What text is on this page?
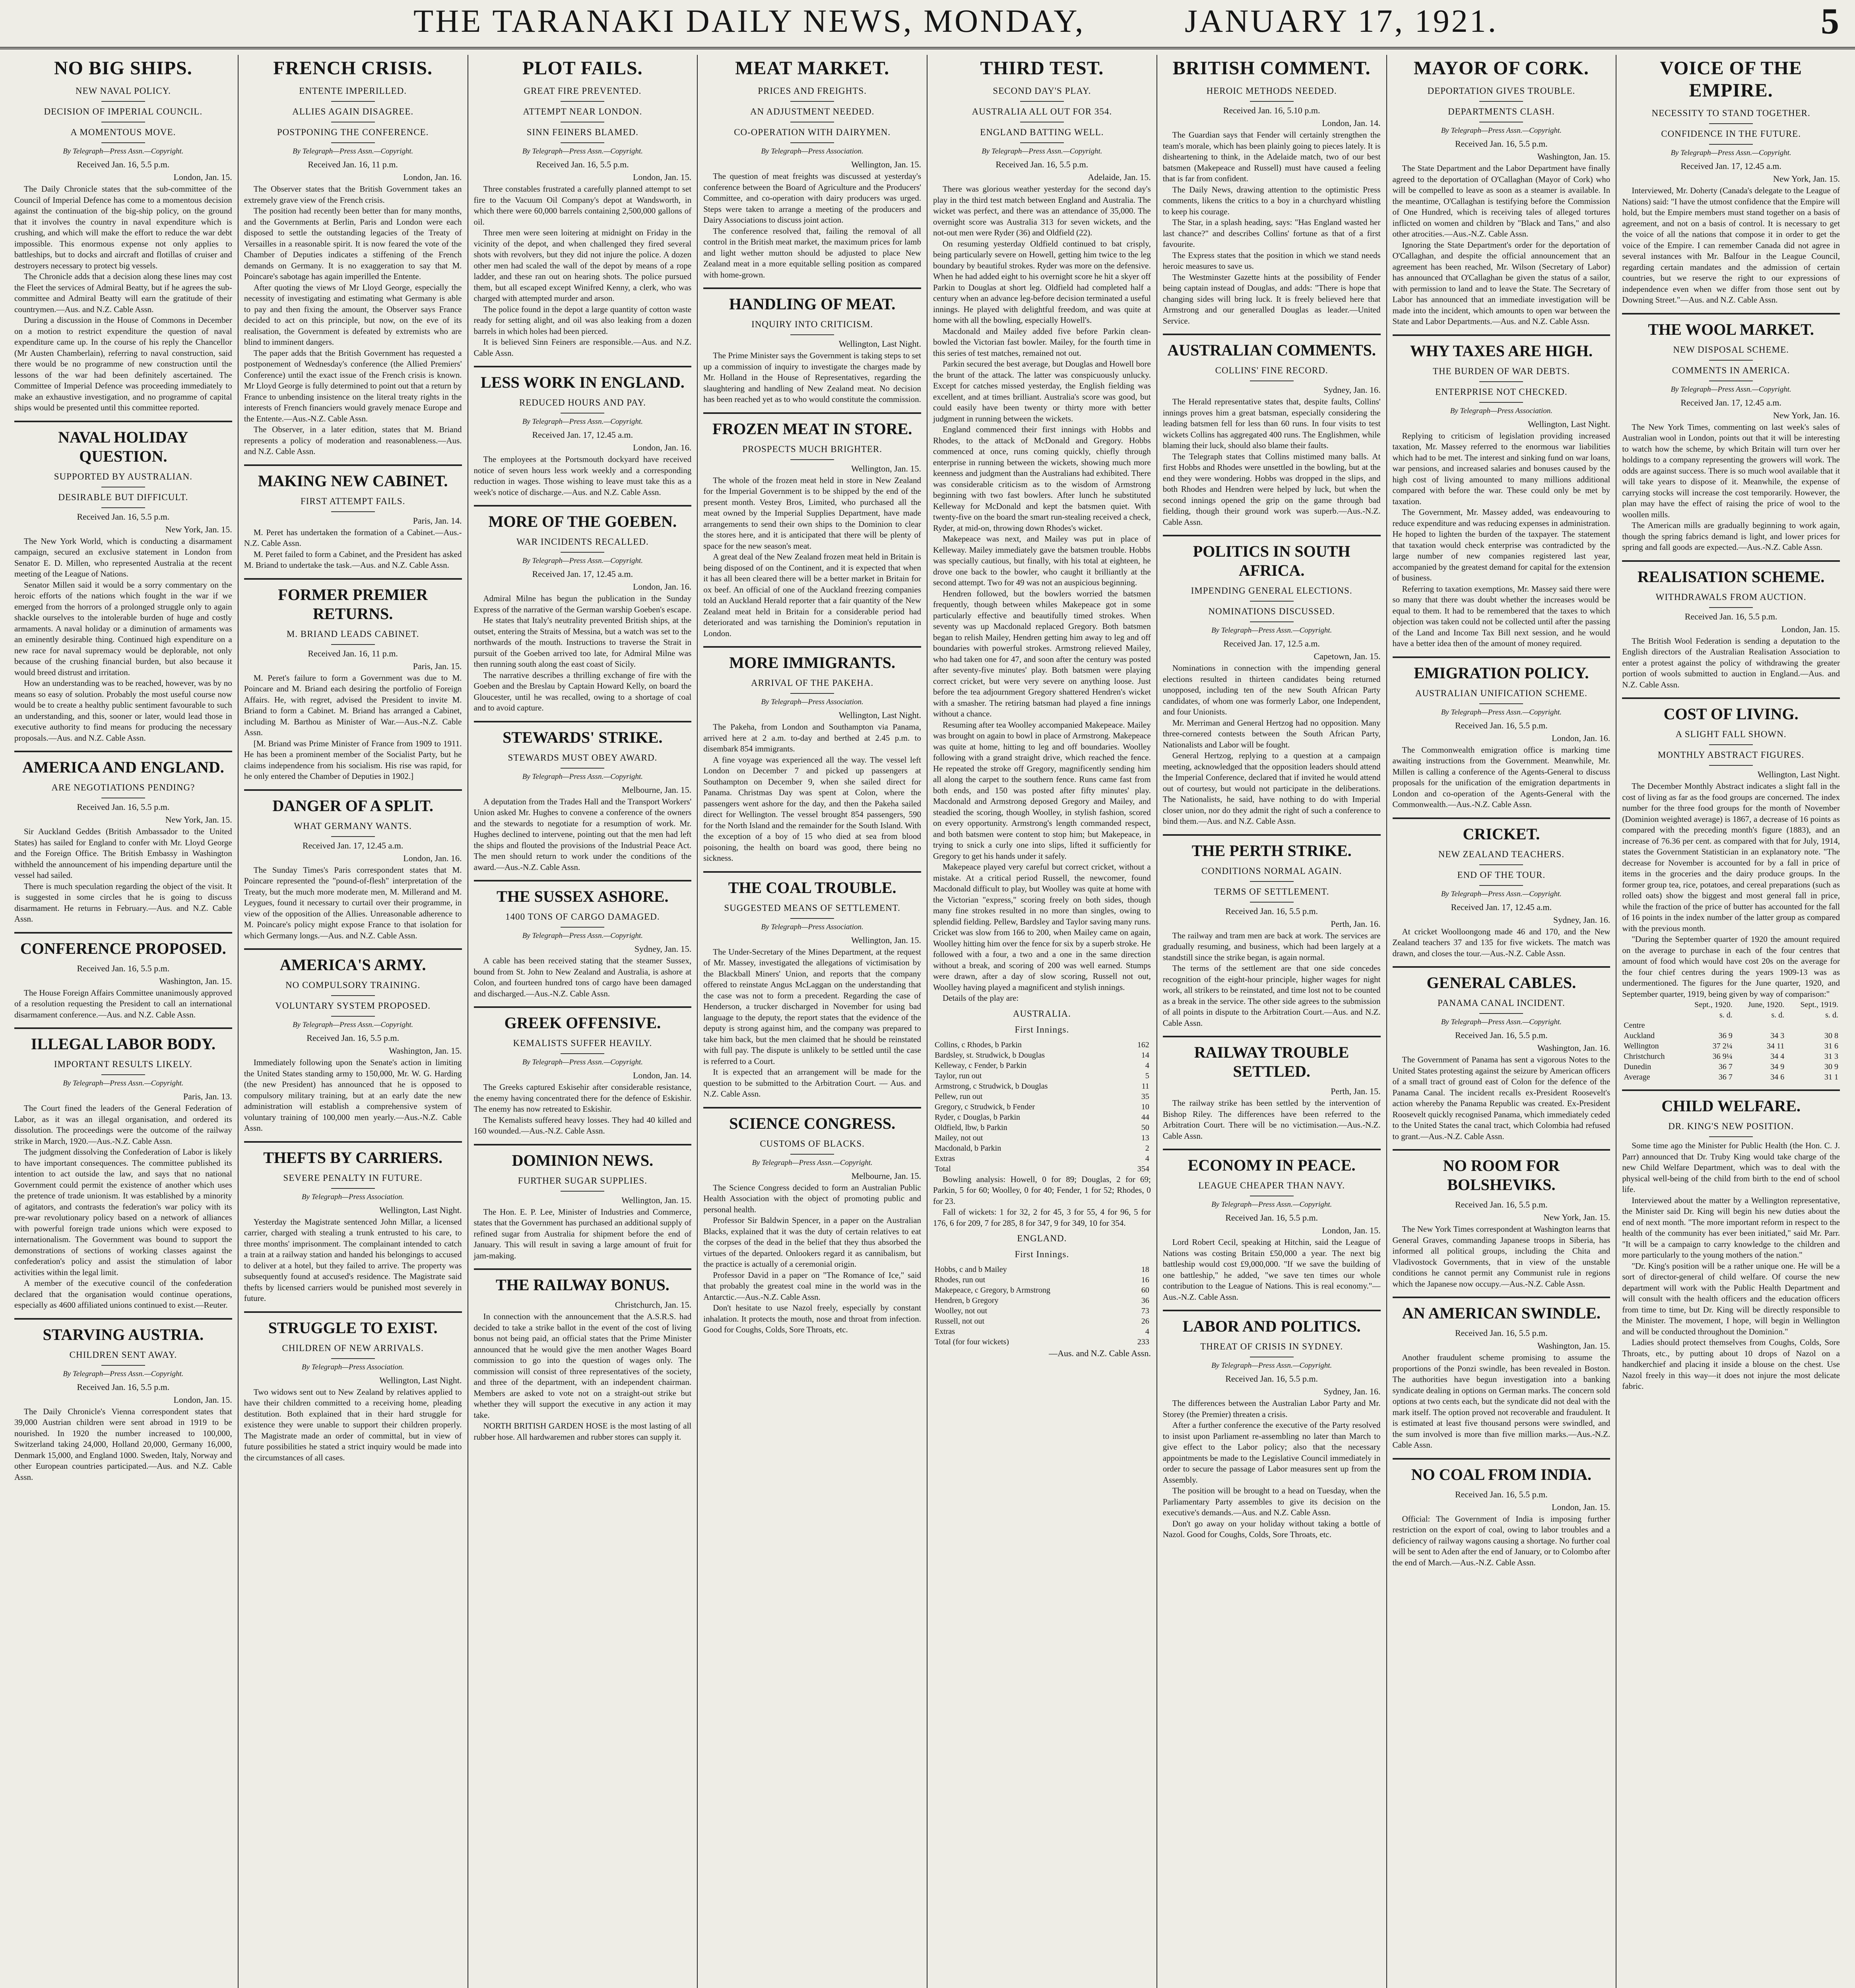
THE TARANAKI DAILY NEWS, MONDAY,	JANUARY 17, 1921.	5
NO BIG SHIPS.
NEW NAVAL POLICY.
DECISION OF IMPERIAL COUNCIL.
A MOMENTOUS MOVE.
By Telegraph—Press Assn.—Copyright.
Received Jan. 16, 5.5 p.m.
London, Jan. 15.

The Daily Chronicle states that the sub-committee of the Council of Imperial Defence has come to a momentous decision against the continuation of the big-ship policy, on the ground that it involves the country in naval expenditure which is crushing, and which will make the effort to reduce the war debt impossible. This enormous expense not only applies to battleships, but to docks and aircraft and flotillas of cruiser and destroyers necessary to protect big vessels.

The Chronicle adds that a decision along these lines may cost the Fleet the services of Admiral Beatty, but if he agrees the sub-committee and Admiral Beatty will earn the gratitude of their countrymen.—Aus. and N.Z. Cable Assn.

During a discussion in the House of Commons in December on a motion to restrict expenditure the question of naval expenditure came up. In the course of his reply the Chancellor (Mr Austen Chamberlain), referring to naval construction, said there would be no programme of new construction until the lessons of the war had been definitely ascertained. The Committee of Imperial Defence was proceeding immediately to make an exhaustive investigation, and no programme of capital ships would be presented until this committee reported.

NAVAL HOLIDAY QUESTION.
SUPPORTED BY AUSTRALIAN.
DESIRABLE BUT DIFFICULT.
Received Jan. 16, 5.5 p.m.
New York, Jan. 15.

The New York World, which is conducting a disarmament campaign, secured an exclusive statement in London from Senator E. D. Millen, who represented Australia at the recent meeting of the League of Nations.

Senator Millen said it would be a sorry commentary on the heroic efforts of the nations which fought in the war if we emerged from the horrors of a prolonged struggle only to again shackle ourselves to the intolerable burden of huge and costly armaments. A naval holiday or a diminution of armaments was an eminently desirable thing. Continued high expenditure on a new race for naval supremacy would be deplorable, not only because of the crushing financial burden, but also because it would breed distrust and irritation.

How an understanding was to be reached, however, was by no means so easy of solution. Probably the most useful course now would be to create a healthy public sentiment favourable to such an understanding, and this, sooner or later, would lead those in executive authority to find means for producing the necessary proposals.—Aus. and N.Z. Cable Assn.

AMERICA AND ENGLAND.
ARE NEGOTIATIONS PENDING?
Received Jan. 16, 5.5 p.m.
New York, Jan. 15.

Sir Auckland Geddes (British Ambassador to the United States) has sailed for England to confer with Mr. Lloyd George and the Foreign Office. The British Embassy in Washington withheld the announcement of his impending departure until the vessel had sailed.

There is much speculation regarding the object of the visit. It is suggested in some circles that he is going to discuss disarmament. He returns in February.—Aus. and N.Z. Cable Assn.

CONFERENCE PROPOSED.
Received Jan. 16, 5.5 p.m.
Washington, Jan. 15.

The House Foreign Affairs Committee unanimously approved of a resolution requesting the President to call an international disarmament conference.—Aus. and N.Z. Cable Assn.

ILLEGAL LABOR BODY.
IMPORTANT RESULTS LIKELY.
By Telegraph—Press Assn.—Copyright.
Paris, Jan. 13.

The Court fined the leaders of the General Federation of Labor, as it was an illegal organisation, and ordered its dissolution. The proceedings were the outcome of the railway strike in March, 1920.—Aus.-N.Z. Cable Assn.

The judgment dissolving the Confederation of Labor is likely to have important consequences. The committee published its intention to act outside the law, and says that no national Government could permit the existence of another which uses the pretence of trade unionism. It was established by a minority of agitators, and contrasts the federation's war policy with its pre-war revolutionary policy based on a network of alliances with powerful foreign trade unions which were exposed to internationalism. The Government was bound to support the demonstrations of sections of working classes against the confederation's policy and assist the stimulation of labor activities within the legal limit.

A member of the executive council of the confederation declared that the organisation would continue operations, especially as 4600 affiliated unions continued to exist.—Reuter.

STARVING AUSTRIA.
CHILDREN SENT AWAY.
By Telegraph—Press Assn.—Copyright.
Received Jan. 16, 5.5 p.m.
London, Jan. 15.

The Daily Chronicle's Vienna correspondent states that 39,000 Austrian children were sent abroad in 1919 to be nourished. In 1920 the number increased to 100,000, Switzerland taking 24,000, Holland 20,000, Germany 16,000, Denmark 15,000, and England 1000. Sweden, Italy, Norway and other European countries participated.—Aus. and N.Z. Cable Assn.

FRENCH CRISIS.
ENTENTE IMPERILLED.
ALLIES AGAIN DISAGREE.
POSTPONING THE CONFERENCE.
By Telegraph—Press Assn.—Copyright.
Received Jan. 16, 11 p.m.
London, Jan. 16.

The Observer states that the British Government takes an extremely grave view of the French crisis.

The position had recently been better than for many months, and the Governments at Berlin, Paris and London were each disposed to settle the outstanding legacies of the Treaty of Versailles in a reasonable spirit. It is now feared the vote of the Chamber of Deputies indicates a stiffening of the French demands on Germany. It is no exaggeration to say that M. Poincare's sabotage has again imperilled the Entente.

After quoting the views of Mr Lloyd George, especially the necessity of investigating and estimating what Germany is able to pay and then fixing the amount, the Observer says France decided to act on this principle, but now, on the eve of its realisation, the Government is defeated by extremists who are blind to imminent dangers.

The paper adds that the British Government has requested a postponement of Wednesday's conference (the Allied Premiers' Conference) until the exact issue of the French crisis is known. Mr Lloyd George is fully determined to point out that a return by France to unbending insistence on the literal treaty rights in the interests of French financiers would gravely menace Europe and the Entente.—Aus.-N.Z. Cable Assn.

The Observer, in a later edition, states that M. Briand represents a policy of moderation and reasonableness.—Aus. and N.Z. Cable Assn.

MAKING NEW CABINET.
FIRST ATTEMPT FAILS.
Paris, Jan. 14.

M. Peret has undertaken the formation of a Cabinet.—Aus.-N.Z. Cable Assn.

M. Peret failed to form a Cabinet, and the President has asked M. Briand to undertake the task.—Aus. and N.Z. Cable Assn.

FORMER PREMIER RETURNS.
M. BRIAND LEADS CABINET.
Received Jan. 16, 11 p.m.
Paris, Jan. 15.

M. Peret's failure to form a Government was due to M. Poincare and M. Briand each desiring the portfolio of Foreign Affairs. He, with regret, advised the President to invite M. Briand to form a Cabinet. M. Briand has arranged a Cabinet, including M. Barthou as Minister of War.—Aus.-N.Z. Cable Assn.

[M. Briand was Prime Minister of France from 1909 to 1911. He has been a prominent member of the Socialist Party, but he claims independence from his socialism. His rise was rapid, for he only entered the Chamber of Deputies in 1902.]

DANGER OF A SPLIT.
WHAT GERMANY WANTS.
Received Jan. 17, 12.45 a.m.
London, Jan. 16.

The Sunday Times's Paris correspondent states that M. Poincare represented the "pound-of-flesh" interpretation of the Treaty, but the much more moderate men, M. Millerand and M. Leygues, found it necessary to curtail over their programme, in view of the opposition of the Allies. Unreasonable adherence to M. Poincare's policy might expose France to that isolation for which Germany longs.—Aus. and N.Z. Cable Assn.

AMERICA'S ARMY.
NO COMPULSORY TRAINING.
VOLUNTARY SYSTEM PROPOSED.
By Telegraph—Press Assn.—Copyright.
Received Jan. 16, 5.5 p.m.
Washington, Jan. 15.

Immediately following upon the Senate's action in limiting the United States standing army to 150,000, Mr. W. G. Harding (the new President) has announced that he is opposed to compulsory military training, but at an early date the new administration will establish a comprehensive system of voluntary training of 100,000 men yearly.—Aus.-N.Z. Cable Assn.

THEFTS BY CARRIERS.
SEVERE PENALTY IN FUTURE.
By Telegraph—Press Association.
Wellington, Last Night.

Yesterday the Magistrate sentenced John Millar, a licensed carrier, charged with stealing a trunk entrusted to his care, to three months' imprisonment. The complainant intended to catch a train at a railway station and handed his belongings to accused to deliver at a hotel, but they failed to arrive. The property was subsequently found at accused's residence. The Magistrate said thefts by licensed carriers would be punished most severely in future.

STRUGGLE TO EXIST.
CHILDREN OF NEW ARRIVALS.
By Telegraph—Press Association.
Wellington, Last Night.

Two widows sent out to New Zealand by relatives applied to have their children committed to a receiving home, pleading destitution. Both explained that in their hard struggle for existence they were unable to support their children properly. The Magistrate made an order of committal, but in view of future possibilities he stated a strict inquiry would be made into the circumstances of all cases.

PLOT FAILS.
GREAT FIRE PREVENTED.
ATTEMPT NEAR LONDON.
SINN FEINERS BLAMED.
By Telegraph—Press Assn.—Copyright.
Received Jan. 16, 5.5 p.m.
London, Jan. 15.

Three constables frustrated a carefully planned attempt to set fire to the Vacuum Oil Company's depot at Wandsworth, in which there were 60,000 barrels containing 2,500,000 gallons of oil.

Three men were seen loitering at midnight on Friday in the vicinity of the depot, and when challenged they fired several shots with revolvers, but they did not injure the police. A dozen other men had scaled the wall of the depot by means of a rope ladder, and these ran out on hearing shots. The police pursued them, but all escaped except Winifred Kenny, a clerk, who was charged with attempted murder and arson.

The police found in the depot a large quantity of cotton waste ready for setting alight, and oil was also leaking from a dozen barrels in which holes had been pierced.

It is believed Sinn Feiners are responsible.—Aus. and N.Z. Cable Assn.

LESS WORK IN ENGLAND.
REDUCED HOURS AND PAY.
By Telegraph—Press Assn.—Copyright.
Received Jan. 17, 12.45 a.m.
London, Jan. 16.

The employees at the Portsmouth dockyard have received notice of seven hours less work weekly and a corresponding reduction in wages. Those wishing to leave must take this as a week's notice of discharge.—Aus. and N.Z. Cable Assn.

MORE OF THE GOEBEN.
WAR INCIDENTS RECALLED.
By Telegraph—Press Assn.—Copyright.
Received Jan. 17, 12.45 a.m.
London, Jan. 16.

Admiral Milne has begun the publication in the Sunday Express of the narrative of the German warship Goeben's escape.

He states that Italy's neutrality prevented British ships, at the outset, entering the Straits of Messina, but a watch was set to the northwards of the mouth. Instructions to traverse the Strait in pursuit of the Goeben arrived too late, for Admiral Milne was then running south along the east coast of Sicily.

The narrative describes a thrilling exchange of fire with the Goeben and the Breslau by Captain Howard Kelly, on board the Gloucester, until he was recalled, owing to a shortage of coal and to avoid capture.

STEWARDS' STRIKE.
STEWARDS MUST OBEY AWARD.
By Telegraph—Press Assn.—Copyright.
Melbourne, Jan. 15.

A deputation from the Trades Hall and the Transport Workers' Union asked Mr. Hughes to convene a conference of the owners and the stewards to negotiate for a resumption of work. Mr. Hughes declined to intervene, pointing out that the men had left the ships and flouted the provisions of the Industrial Peace Act. The men should return to work under the conditions of the award.—Aus.-N.Z. Cable Assn.

THE SUSSEX ASHORE.
1400 TONS OF CARGO DAMAGED.
By Telegraph—Press Assn.—Copyright.
Sydney, Jan. 15.

A cable has been received stating that the steamer Sussex, bound from St. John to New Zealand and Australia, is ashore at Colon, and fourteen hundred tons of cargo have been damaged and discharged.—Aus.-N.Z. Cable Assn.

GREEK OFFENSIVE.
KEMALISTS SUFFER HEAVILY.
By Telegraph—Press Assn.—Copyright.
London, Jan. 14.

The Greeks captured Eskisehir after considerable resistance, the enemy having concentrated there for the defence of Eskishir. The enemy has now retreated to Eskishir.

The Kemalists suffered heavy losses. They had 40 killed and 160 wounded.—Aus.-N.Z. Cable Assn.

DOMINION NEWS.
FURTHER SUGAR SUPPLIES.
Wellington, Jan. 15.

The Hon. E. P. Lee, Minister of Industries and Commerce, states that the Government has purchased an additional supply of refined sugar from Australia for shipment before the end of January. This will result in saving a large amount of fruit for jam-making.

THE RAILWAY BONUS.
Christchurch, Jan. 15.

In connection with the announcement that the A.S.R.S. had decided to take a strike ballot in the event of the cost of living bonus not being paid, an official states that the Prime Minister announced that he would give the men another Wages Board commission to go into the question of wages only. The commission will consist of three representatives of the society, and three of the department, with an independent chairman. Members are asked to vote not on a straight-out strike but whether they will support the executive in any action it may take.

NORTH BRITISH GARDEN HOSE is the most lasting of all rubber hose. All hardwaremen and rubber stores can supply it.

MEAT MARKET.
PRICES AND FREIGHTS.
AN ADJUSTMENT NEEDED.
CO-OPERATION WITH DAIRYMEN.
By Telegraph—Press Association.
Wellington, Jan. 15.

The question of meat freights was discussed at yesterday's conference between the Board of Agriculture and the Producers' Committee, and co-operation with dairy producers was urged. Steps were taken to arrange a meeting of the producers and Dairy Associations to discuss joint action.

The conference resolved that, failing the removal of all control in the British meat market, the maximum prices for lamb and light wether mutton should be adjusted to place New Zealand meat in a more equitable selling position as compared with home-grown.

HANDLING OF MEAT.
INQUIRY INTO CRITICISM.
Wellington, Last Night.

The Prime Minister says the Government is taking steps to set up a commission of inquiry to investigate the charges made by Mr. Holland in the House of Representatives, regarding the slaughtering and handling of New Zealand meat. No decision has been reached yet as to who would constitute the commission.

FROZEN MEAT IN STORE.
PROSPECTS MUCH BRIGHTER.
Wellington, Jan. 15.

The whole of the frozen meat held in store in New Zealand for the Imperial Government is to be shipped by the end of the present month. Vestey Bros, Limited, who purchased all the meat owned by the Imperial Supplies Department, have made arrangements to send their own ships to the Dominion to clear the stores here, and it is anticipated that there will be plenty of space for the new season's meat.

A great deal of the New Zealand frozen meat held in Britain is being disposed of on the Continent, and it is expected that when it has all been cleared there will be a better market in Britain for ox beef. An official of one of the Auckland freezing companies told an Auckland Herald reporter that a fair quantity of the New Zealand meat held in Britain for a considerable period had deteriorated and was tarnishing the Dominion's reputation in London.

MORE IMMIGRANTS.
ARRIVAL OF THE PAKEHA.
By Telegraph—Press Association.
Wellington, Last Night.

The Pakeha, from London and Southampton via Panama, arrived here at 2 a.m. to-day and berthed at 2.45 p.m. to disembark 854 immigrants.

A fine voyage was experienced all the way. The vessel left London on December 7 and picked up passengers at Southampton on December 9, when she sailed direct for Panama. Christmas Day was spent at Colon, where the passengers went ashore for the day, and then the Pakeha sailed direct for Wellington. The vessel brought 854 passengers, 590 for the North Island and the remainder for the South Island. With the exception of a boy of 15 who died at sea from blood poisoning, the health on board was good, there being no sickness.

THE COAL TROUBLE.
SUGGESTED MEANS OF SETTLEMENT.
By Telegraph—Press Association.
Wellington, Jan. 15.

The Under-Secretary of the Mines Department, at the request of Mr. Massey, investigated the allegations of victimisation by the Blackball Miners' Union, and reports that the company offered to reinstate Angus McLaggan on the understanding that the case was not to form a precedent. Regarding the case of Henderson, a trucker discharged in November for using bad language to the deputy, the report states that the evidence of the deputy is strong against him, and the company was prepared to take him back, but the men claimed that he should be reinstated with full pay. The dispute is unlikely to be settled until the case is referred to a Court.

It is expected that an arrangement will be made for the question to be submitted to the Arbitration Court. — Aus. and N.Z. Cable Assn.

SCIENCE CONGRESS.
CUSTOMS OF BLACKS.
By Telegraph—Press Assn.—Copyright.
Melbourne, Jan. 15.

The Science Congress decided to form an Australian Public Health Association with the object of promoting public and personal health.

Professor Sir Baldwin Spencer, in a paper on the Australian Blacks, explained that it was the duty of certain relatives to eat the corpses of the dead in the belief that they thus absorbed the virtues of the departed. Onlookers regard it as cannibalism, but the practice is actually of a ceremonial origin.

Professor David in a paper on "The Romance of Ice," said that probably the greatest coal mine in the world was in the Antarctic.—Aus.-N.Z. Cable Assn.

Don't hesitate to use Nazol freely, especially by constant inhalation. It protects the mouth, nose and throat from infection. Good for Coughs, Colds, Sore Throats, etc.

THIRD TEST.
SECOND DAY'S PLAY.
AUSTRALIA ALL OUT FOR 354.
ENGLAND BATTING WELL.
By Telegraph—Press Assn.—Copyright.
Received Jan. 16, 5.5 p.m.
Adelaide, Jan. 15.

There was glorious weather yesterday for the second day's play in the third test match between England and Australia. The wicket was perfect, and there was an attendance of 35,000. The overnight score was Australia 313 for seven wickets, and the not-out men were Ryder (36) and Oldfield (22).

On resuming yesterday Oldfield continued to bat crisply, being particularly severe on Howell, getting him twice to the leg boundary by beautiful strokes. Ryder was more on the defensive. When he had added eight to his overnight score he hit a skyer off Parkin to Douglas at short leg. Oldfield had completed half a century when an advance leg-before decision terminated a useful innings. He played with delightful freedom, and was quite at home with all the bowling, especially Howell's.

Macdonald and Mailey added five before Parkin clean-bowled the Victorian fast bowler. Mailey, for the fourth time in this series of test matches, remained not out.

Parkin secured the best average, but Douglas and Howell bore the brunt of the attack. The latter was conspicuously unlucky. Except for catches missed yesterday, the English fielding was excellent, and at times brilliant. Australia's score was good, but could easily have been twenty or thirty more with better judgment in running between the wickets.

England commenced their first innings with Hobbs and Rhodes, to the attack of McDonald and Gregory. Hobbs commenced at once, runs coming quickly, chiefly through enterprise in running between the wickets, showing much more keenness and judgment than the Australians had exhibited. There was considerable criticism as to the wisdom of Armstrong beginning with two fast bowlers. After lunch he substituted Kelleway for McDonald and kept the batsmen quiet. With twenty-five on the board the smart run-stealing received a check, Ryder, at mid-on, throwing down Rhodes's wicket.

Makepeace was next, and Mailey was put in place of Kelleway. Mailey immediately gave the batsmen trouble. Hobbs was specially cautious, but finally, with his total at eighteen, he drove one back to the bowler, who caught it brilliantly at the second attempt. Two for 49 was not an auspicious beginning.

Hendren followed, but the bowlers worried the batsmen frequently, though between whiles Makepeace got in some particularly effective and beautifully timed strokes. When seventy was up Macdonald replaced Gregory. Both batsmen began to relish Mailey, Hendren getting him away to leg and off boundaries with powerful strokes. Armstrong relieved Mailey, who had taken one for 47, and soon after the century was posted after seventy-five minutes' play. Both batsmen were playing correct cricket, but were very severe on anything loose. Just before the tea adjournment Gregory shattered Hendren's wicket with a smasher. The retiring batsman had played a fine innings without a chance.

Resuming after tea Woolley accompanied Makepeace. Mailey was brought on again to bowl in place of Armstrong. Makepeace was quite at home, hitting to leg and off boundaries. Woolley following with a grand straight drive, which reached the fence. He repeated the stroke off Gregory, magnificently sending him all along the carpet to the southern fence. Runs came fast from both ends, and 150 was posted after fifty minutes' play. Macdonald and Armstrong deposed Gregory and Mailey, and steadied the scoring, though Woolley, in stylish fashion, scored on every opportunity. Armstrong's length commanded respect, and both batsmen were content to stop him; but Makepeace, in trying to snick a curly one into slips, lifted it sufficiently for Gregory to get his hands under it safely.

Makepeace played very careful but correct cricket, without a mistake. At a critical period Russell, the newcomer, found Macdonald difficult to play, but Woolley was quite at home with the Victorian "express," scoring freely on both sides, though many fine strokes resulted in no more than singles, owing to splendid fielding. Pellew, Bardsley and Taylor saving many runs. Cricket was slow from 166 to 200, when Mailey came on again, Woolley hitting him over the fence for six by a superb stroke. He followed with a four, a two and a one in the same direction without a break, and scoring of 200 was well earned. Stumps were drawn, after a day of slow scoring, Russell not out, Woolley having played a magnificent and stylish innings.

Details of the play are:

AUSTRALIA.
First Innings.
Collins, c Rhodes, b Parkin	162
Bardsley, st. Strudwick, b Douglas	14
Kelleway, c Fender, b Parkin	4
Taylor, run out	5
Armstrong, c Strudwick, b Douglas	11
Pellew, run out	35
Gregory, c Strudwick, b Fender	10
Ryder, c Douglas, b Parkin	44
Oldfield, lbw, b Parkin	50
Mailey, not out	13
Macdonald, b Parkin	2
Extras	4
Total	354

Bowling analysis: Howell, 0 for 89; Douglas, 2 for 69; Parkin, 5 for 60; Woolley, 0 for 40; Fender, 1 for 52; Rhodes, 0 for 23.

Fall of wickets: 1 for 32, 2 for 45, 3 for 55, 4 for 96, 5 for 176, 6 for 209, 7 for 285, 8 for 347, 9 for 349, 10 for 354.

ENGLAND.
First Innings.
Hobbs, c and b Mailey	18
Rhodes, run out	16
Makepeace, c Gregory, b Armstrong	60
Hendren, b Gregory	36
Woolley, not out	73
Russell, not out	26
Extras	4
Total (for four wickets)	233
—Aus. and N.Z. Cable Assn.
BRITISH COMMENT.
HEROIC METHODS NEEDED.
Received Jan. 16, 5.10 p.m.
London, Jan. 14.

The Guardian says that Fender will certainly strengthen the team's morale, which has been plainly going to pieces lately. It is disheartening to think, in the Adelaide match, two of our best batsmen (Makepeace and Russell) must have caused a feeling that is far from confident.

The Daily News, drawing attention to the optimistic Press comments, likens the critics to a boy in a churchyard whistling to keep his courage.

The Star, in a splash heading, says: "Has England wasted her last chance?" and describes Collins' fortune as that of a first favourite.

The Express states that the position in which we stand needs heroic measures to save us.

The Westminster Gazette hints at the possibility of Fender being captain instead of Douglas, and adds: "There is hope that changing sides will bring luck. It is freely believed here that Armstrong and our generalled Douglas as leader.—United Service.

AUSTRALIAN COMMENTS.
COLLINS' FINE RECORD.
Sydney, Jan. 16.

The Herald representative states that, despite faults, Collins' innings proves him a great batsman, especially considering the leading batsmen fell for less than 60 runs. In four visits to test wickets Collins has aggregated 400 runs. The Englishmen, while blaming their luck, should also blame their faults.

The Telegraph states that Collins mistimed many balls. At first Hobbs and Rhodes were unsettled in the bowling, but at the end they were wondering. Hobbs was dropped in the slips, and both Rhodes and Hendren were helped by luck, but when the second innings opened the grip on the game through bad fielding, though their ground work was superb.—Aus.-N.Z. Cable Assn.

POLITICS IN SOUTH AFRICA.
IMPENDING GENERAL ELECTIONS.
NOMINATIONS DISCUSSED.
By Telegraph—Press Assn.—Copyright.
Received Jan. 17, 12.5 a.m.
Capetown, Jan. 15.

Nominations in connection with the impending general elections resulted in thirteen candidates being returned unopposed, including ten of the new South African Party candidates, of whom one was formerly Labor, one Independent, and four Unionists.

Mr. Merriman and General Hertzog had no opposition. Many three-cornered contests between the South African Party, Nationalists and Labor will be fought.

General Hertzog, replying to a question at a campaign meeting, acknowledged that the opposition leaders should attend the Imperial Conference, declared that if invited he would attend out of courtesy, but would not participate in the deliberations. The Nationalists, he said, have nothing to do with Imperial closer union, nor do they admit the right of such a conference to bind them.—Aus. and N.Z. Cable Assn.

THE PERTH STRIKE.
CONDITIONS NORMAL AGAIN.
TERMS OF SETTLEMENT.
Received Jan. 16, 5.5 p.m.
Perth, Jan. 16.

The railway and tram men are back at work. The services are gradually resuming, and business, which had been largely at a standstill since the strike began, is again normal.

The terms of the settlement are that one side concedes recognition of the eight-hour principle, higher wages for night work, all strikers to be reinstated, and time lost not to be counted as a break in the service. The other side agrees to the submission of all points in dispute to the Arbitration Court.—Aus. and N.Z. Cable Assn.

RAILWAY TROUBLE SETTLED.
Perth, Jan. 15.

The railway strike has been settled by the intervention of Bishop Riley. The differences have been referred to the Arbitration Court. There will be no victimisation.—Aus.-N.Z. Cable Assn.

ECONOMY IN PEACE.
LEAGUE CHEAPER THAN NAVY.
By Telegraph—Press Assn.—Copyright.
Received Jan. 16, 5.5 p.m.
London, Jan. 15.

Lord Robert Cecil, speaking at Hitchin, said the League of Nations was costing Britain £50,000 a year. The next big battleship would cost £9,000,000. "If we save the building of one battleship," he added, "we save ten times our whole contribution to the League of Nations. This is real economy."—Aus.-N.Z. Cable Assn.

LABOR AND POLITICS.
THREAT OF CRISIS IN SYDNEY.
By Telegraph—Press Assn.—Copyright.
Received Jan. 16, 5.5 p.m.
Sydney, Jan. 16.

The differences between the Australian Labor Party and Mr. Storey (the Premier) threaten a crisis.

After a further conference the executive of the Party resolved to insist upon Parliament re-assembling no later than March to give effect to the Labor policy; also that the necessary appointments be made to the Legislative Council immediately in order to secure the passage of Labor measures sent up from the Assembly.

The position will be brought to a head on Tuesday, when the Parliamentary Party assembles to give its decision on the executive's demands.—Aus. and N.Z. Cable Assn.

Don't go away on your holiday without taking a bottle of Nazol. Good for Coughs, Colds, Sore Throats, etc.

MAYOR OF CORK.
DEPORTATION GIVES TROUBLE.
DEPARTMENTS CLASH.
By Telegraph—Press Assn.—Copyright.
Received Jan. 16, 5.5 p.m.
Washington, Jan. 15.

The State Department and the Labor Department have finally agreed to the deportation of O'Callaghan (Mayor of Cork) who will be compelled to leave as soon as a steamer is available. In the meantime, O'Callaghan is testifying before the Commission of One Hundred, which is receiving tales of alleged tortures inflicted on women and children by "Black and Tans," and also other atrocities.—Aus.-N.Z. Cable Assn.

Ignoring the State Department's order for the deportation of O'Callaghan, and despite the official announcement that an agreement has been reached, Mr. Wilson (Secretary of Labor) has announced that O'Callaghan be given the status of a sailor, with permission to land and to leave the State. The Secretary of Labor has announced that an immediate investigation will be made into the incident, which amounts to open war between the State and Labor Departments.—Aus. and N.Z. Cable Assn.

WHY TAXES ARE HIGH.
THE BURDEN OF WAR DEBTS.
ENTERPRISE NOT CHECKED.
By Telegraph—Press Association.
Wellington, Last Night.

Replying to criticism of legislation providing increased taxation, Mr. Massey referred to the enormous war liabilities which had to be met. The interest and sinking fund on war loans, war pensions, and increased salaries and bonuses caused by the high cost of living amounted to many millions additional compared with before the war. These could only be met by taxation.

The Government, Mr. Massey added, was endeavouring to reduce expenditure and was reducing expenses in administration. He hoped to lighten the burden of the taxpayer. The statement that taxation would check enterprise was contradicted by the large number of new companies registered last year, accompanied by the greatest demand for capital for the extension of business.

Referring to taxation exemptions, Mr. Massey said there were so many that there was doubt whether the increases would be equal to them. It had to be remembered that the taxes to which objection was taken could not be collected until after the passing of the Land and Income Tax Bill next session, and he would have a better idea then of the amount of money required.

EMIGRATION POLICY.
AUSTRALIAN UNIFICATION SCHEME.
By Telegraph—Press Assn.—Copyright.
Received Jan. 16, 5.5 p.m.
London, Jan. 16.

The Commonwealth emigration office is marking time awaiting instructions from the Government. Meanwhile, Mr. Millen is calling a conference of the Agents-General to discuss proposals for the unification of the emigration departments in London and co-operation of the Agents-General with the Commonwealth.—Aus.-N.Z. Cable Assn.

CRICKET.
NEW ZEALAND TEACHERS.
END OF THE TOUR.
By Telegraph—Press Assn.—Copyright.
Received Jan. 17, 12.45 a.m.
Sydney, Jan. 16.

At cricket Woolloongong made 46 and 170, and the New Zealand teachers 37 and 135 for five wickets. The match was drawn, and closes the tour.—Aus.-N.Z. Cable Assn.

GENERAL CABLES.
PANAMA CANAL INCIDENT.
By Telegraph—Press Assn.—Copyright.
Received Jan. 16, 5.5 p.m.
Washington, Jan. 16.

The Government of Panama has sent a vigorous Notes to the United States protesting against the seizure by American officers of a small tract of ground east of Colon for the defence of the Panama Canal. The incident recalls ex-President Roosevelt's action whereby the Panama Republic was created. Ex-President Roosevelt quickly recognised Panama, which immediately ceded to the United States the canal tract, which Colombia had refused to grant.—Aus.-N.Z. Cable Assn.

NO ROOM FOR BOLSHEVIKS.
Received Jan. 16, 5.5 p.m.
New York, Jan. 15.

The New York Times correspondent at Washington learns that General Graves, commanding Japanese troops in Siberia, has informed all political groups, including the Chita and Vladivostock Governments, that in view of the unstable conditions he cannot permit any Communist rule in regions which the Japanese now occupy.—Aus.-N.Z. Cable Assn.

AN AMERICAN SWINDLE.
Received Jan. 16, 5.5 p.m.
Washington, Jan. 15.

Another fraudulent scheme promising to assume the proportions of the Ponzi swindle, has been revealed in Boston. The authorities have begun investigation into a banking syndicate dealing in options on German marks. The concern sold options at two cents each, but the syndicate did not deal with the mark itself. The option proved not recoverable and fraudulent. It is estimated at least five thousand persons were swindled, and the sum involved is more than five million marks.—Aus.-N.Z. Cable Assn.

NO COAL FROM INDIA.
Received Jan. 16, 5.5 p.m.
London, Jan. 15.

Official: The Government of India is imposing further restriction on the export of coal, owing to labor troubles and a deficiency of railway wagons causing a shortage. No further coal will be sent to Aden after the end of January, or to Colombo after the end of March.—Aus.-N.Z. Cable Assn.

VOICE OF THE EMPIRE.
NECESSITY TO STAND TOGETHER.
CONFIDENCE IN THE FUTURE.
By Telegraph—Press Assn.—Copyright.
Received Jan. 17, 12.45 a.m.
New York, Jan. 15.

Interviewed, Mr. Doherty (Canada's delegate to the League of Nations) said: "I have the utmost confidence that the Empire will hold, but the Empire members must stand together on a basis of agreement, and not on a basis of control. It is necessary to get the voice of all the nations that compose it in order to get the voice of the Empire. I can remember Canada did not agree in several instances with Mr. Balfour in the League Council, regarding certain mandates and the admission of certain countries, but we reserve the right to our expressions of independence even when we differ from those sent out by Downing Street."—Aus. and N.Z. Cable Assn.

THE WOOL MARKET.
NEW DISPOSAL SCHEME.
COMMENTS IN AMERICA.
By Telegraph—Press Assn.—Copyright.
Received Jan. 17, 12.45 a.m.
New York, Jan. 16.

The New York Times, commenting on last week's sales of Australian wool in London, points out that it will be interesting to watch how the scheme, by which Britain will turn over her holdings to a company representing the growers will work. The odds are against success. There is so much wool available that it will take years to dispose of it. Meanwhile, the expense of carrying stocks will increase the cost temporarily. However, the plan may have the effect of raising the price of wool to the woollen mills.

The American mills are gradually beginning to work again, though the spring fabrics demand is light, and lower prices for spring and fall goods are expected.—Aus.-N.Z. Cable Assn.

REALISATION SCHEME.
WITHDRAWALS FROM AUCTION.
Received Jan. 16, 5.5 p.m.
London, Jan. 15.

The British Wool Federation is sending a deputation to the English directors of the Australian Realisation Association to enter a protest against the policy of withdrawing the greater portion of wools submitted to auction in England.—Aus. and N.Z. Cable Assn.

COST OF LIVING.
A SLIGHT FALL SHOWN.
MONTHLY ABSTRACT FIGURES.
Wellington, Last Night.

The December Monthly Abstract indicates a slight fall in the cost of living as far as the food groups are concerned. The index number for the three food groups for the month of November (Dominion weighted average) is 1867, a decrease of 16 points as compared with the preceding month's figure (1883), and an increase of 76.36 per cent. as compared with that for July, 1914, states the Government Statistician in an explanatory note. "The decrease for November is accounted for by a fall in price of items in the groceries and the dairy produce groups. In the former group tea, rice, potatoes, and cereal preparations (such as rolled oats) show the biggest and most general fall in price, while the fraction of the price of butter has accounted for the fall of 16 points in the index number of the latter group as compared with the previous month.

"During the September quarter of 1920 the amount required on the average to purchase in each of the four centres that amount of food which would have cost 20s on the average for the four chief centres during the years 1909-13 was as undermentioned. The figures for the June quarter, 1920, and September quarter, 1919, being given by way of comparison:"

	Sept., 1920.	June, 1920.	Sept., 1919.
	s. d.	s. d.	s. d.
Centre			
Auckland	36 9	34 3	30 8
Wellington	37 2¼	34 11	31 6
Christchurch	36 9¼	34 4	31 3
Dunedin	36 7	34 9	30 9
Average	36 7	34 6	31 1
CHILD WELFARE.
DR. KING'S NEW POSITION.

Some time ago the Minister for Public Health (the Hon. C. J. Parr) announced that Dr. Truby King would take charge of the new Child Welfare Department, which was to deal with the physical well-being of the child from birth to the end of school life.

Interviewed about the matter by a Wellington representative, the Minister said Dr. King will begin his new duties about the end of next month. "The more important reform in respect to the health of the community has ever been initiated," said Mr. Parr. "It will be a campaign to carry knowledge to the children and more particularly to the young mothers of the nation."

"Dr. King's position will be a rather unique one. He will be a sort of director-general of child welfare. Of course the new department will work with the Public Health Department and will consult with the health officers and the education officers from time to time, but Dr. King will be directly responsible to the Minister. The movement, I hope, will begin in Wellington and will be conducted throughout the Dominion."

Ladies should protect themselves from Coughs, Colds, Sore Throats, etc., by putting about 10 drops of Nazol on a handkerchief and placing it inside a blouse on the chest. Use Nazol freely in this way—it does not injure the most delicate fabric.
